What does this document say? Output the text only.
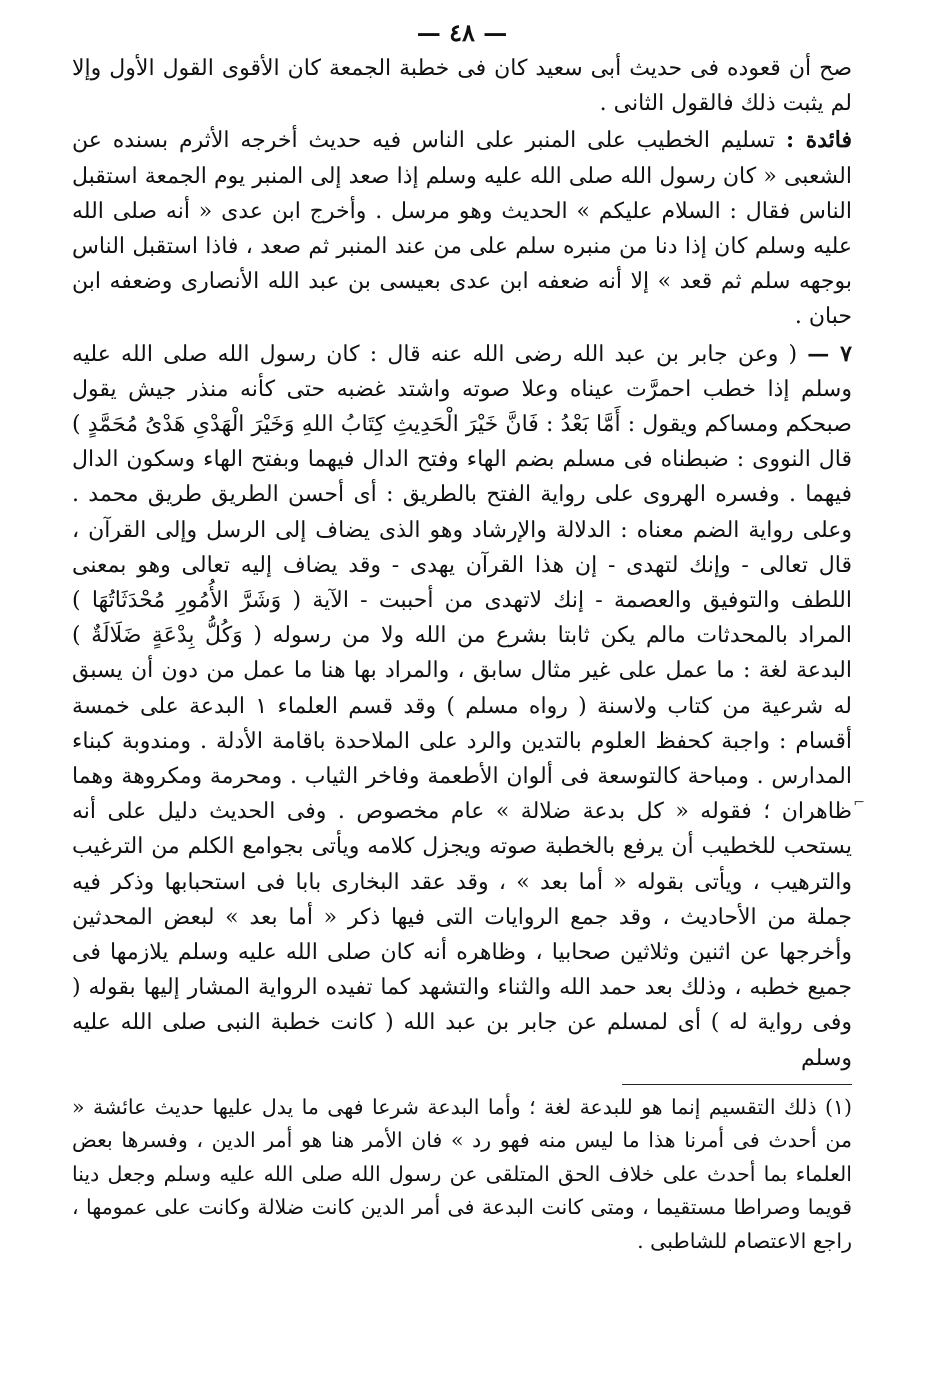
— ٤٨ —

صح أن قعوده فى حديث أبى سعيد كان فى خطبة الجمعة كان الأقوى القول الأول وإلا لم يثبت ذلك فالقول الثانى .

فائدة : تسليم الخطيب على المنبر على الناس فيه حديث أخرجه الأثرم بسنده عن الشعبى « كان رسول الله صلى الله عليه وسلم إذا صعد إلى المنبر يوم الجمعة استقبل الناس فقال : السلام عليكم » الحديث وهو مرسل . وأخرج ابن عدى « أنه صلى الله عليه وسلم كان إذا دنا من منبره سلم على من عند المنبر ثم صعد ، فاذا استقبل الناس بوجهه سلم ثم قعد » إلا أنه ضعفه ابن عدى بعيسى بن عبد الله الأنصارى وضعفه ابن حبان .

٧ — ( وعن جابر بن عبد الله رضى الله عنه قال : كان رسول الله صلى الله عليه وسلم إذا خطب احمرَّت عيناه وعلا صوته واشتد غضبه حتى كأنه منذر جيش يقول صبحكم ومساكم ويقول : أَمَّا بَعْدُ : فَانَّ خَيْرَ الْحَدِيثِ كِتَابُ اللهِ وَخَيْرَ الْهَدْىِ هَدْىُ مُحَمَّدٍ ) قال النووى : ضبطناه فى مسلم بضم الهاء وفتح الدال فيهما وبفتح الهاء وسكون الدال فيهما . وفسره الهروى على رواية الفتح بالطريق : أى أحسن الطريق طريق محمد . وعلى رواية الضم معناه : الدلالة والإرشاد وهو الذى يضاف إلى الرسل وإلى القرآن ، قال تعالى - وإنك لتهدى - إن هذا القرآن يهدى - وقد يضاف إليه تعالى وهو بمعنى اللطف والتوفيق والعصمة - إنك لاتهدى من أحببت - الآية ( وَشَرَّ الأُمُورِ مُحْدَثَاتُهَا ) المراد بالمحدثات مالم يكن ثابتا بشرع من الله ولا من رسوله ( وَكُلُّ بِدْعَةٍ ضَلَالَةٌ ) البدعة لغة : ما عمل على غير مثال سابق ، والمراد بها هنا ما عمل من دون أن يسبق له شرعية من كتاب ولاسنة ( رواه مسلم ) وقد قسم العلماء ١ البدعة على خمسة أقسام : واجبة كحفظ العلوم بالتدين والرد على الملاحدة باقامة الأدلة . ومندوبة كبناء المدارس . ومباحة كالتوسعة فى ألوان الأطعمة وفاخر الثياب . ومحرمة ومكروهة وهما ظاهران ؛ فقوله « كل بدعة ضلالة » عام مخصوص . وفى الحديث دليل على أنه يستحب للخطيب أن يرفع بالخطبة صوته ويجزل كلامه ويأتى بجوامع الكلم من الترغيب والترهيب ، ويأتى بقوله « أما بعد » ، وقد عقد البخارى بابا فى استحبابها وذكر فيه جملة من الأحاديث ، وقد جمع الروايات التى فيها ذكر « أما بعد » لبعض المحدثين وأخرجها عن اثنين وثلاثين صحابيا ، وظاهره أنه كان صلى الله عليه وسلم يلازمها فى جميع خطبه ، وذلك بعد حمد الله والثناء والتشهد كما تفيده الرواية المشار إليها بقوله ( وفى رواية له ) أى لمسلم عن جابر بن عبد الله ( كانت خطبة النبى صلى الله عليه وسلم

(١) ذلك التقسيم إنما هو للبدعة لغة ؛ وأما البدعة شرعا فهى ما يدل عليها حديث عائشة « من أحدث فى أمرنا هذا ما ليس منه فهو رد » فان الأمر هنا هو أمر الدين ، وفسرها بعض العلماء بما أحدث على خلاف الحق المتلقى عن رسول الله صلى الله عليه وسلم وجعل دينا قويما وصراطا مستقيما ، ومتى كانت البدعة فى أمر الدين كانت ضلالة وكانت على عمومها ، راجع الاعتصام للشاطبى .

⌐
